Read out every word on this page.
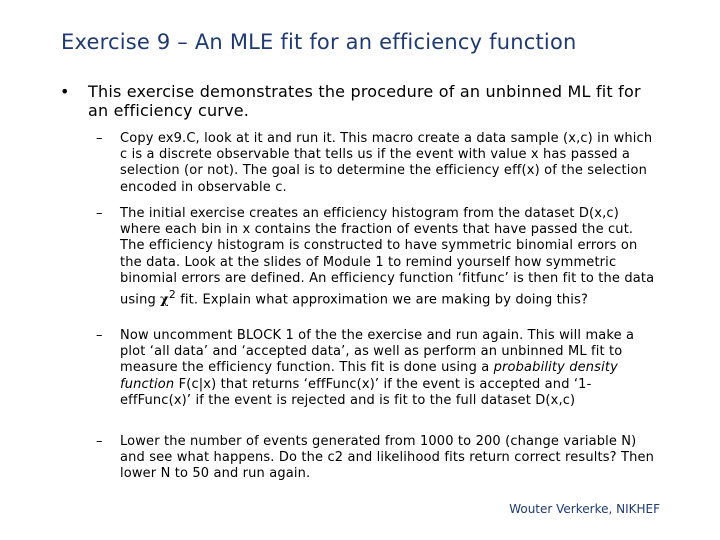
Exercise 9 – An MLE fit for an efficiency function
• This exercise demonstrates the procedure of an unbinned ML fit for an efficiency curve.
– Copy ex9.C, look at it and run it. This macro create a data sample (x,c) in which c is a discrete observable that tells us if the event with value x has passed a selection (or not). The goal is to determine the efficiency eff(x) of the selection encoded in observable c.
– The initial exercise creates an efficiency histogram from the dataset D(x,c) where each bin in x contains the fraction of events that have passed the cut. The efficiency histogram is constructed to have symmetric binomial errors on the data. Look at the slides of Module 1 to remind yourself how symmetric binomial errors are defined. An efficiency function ‘fitfunc’ is then fit to the data using $\chi^2$ fit. Explain what approximation we are making by doing this?
– Now uncomment BLOCK 1 of the the exercise and run again. This will make a plot ‘all data’ and ‘accepted data’, as well as perform an unbinned ML fit to measure the efficiency function. This fit is done using a probability density function F(c|x) that returns ‘effFunc(x)’ if the event is accepted and ‘1-effFunc(x)’ if the event is rejected and is fit to the full dataset D(x,c)
– Lower the number of events generated from 1000 to 200 (change variable N) and see what happens. Do the c2 and likelihood fits return correct results? Then lower N to 50 and run again.
Wouter Verkerke, NIKHEF
